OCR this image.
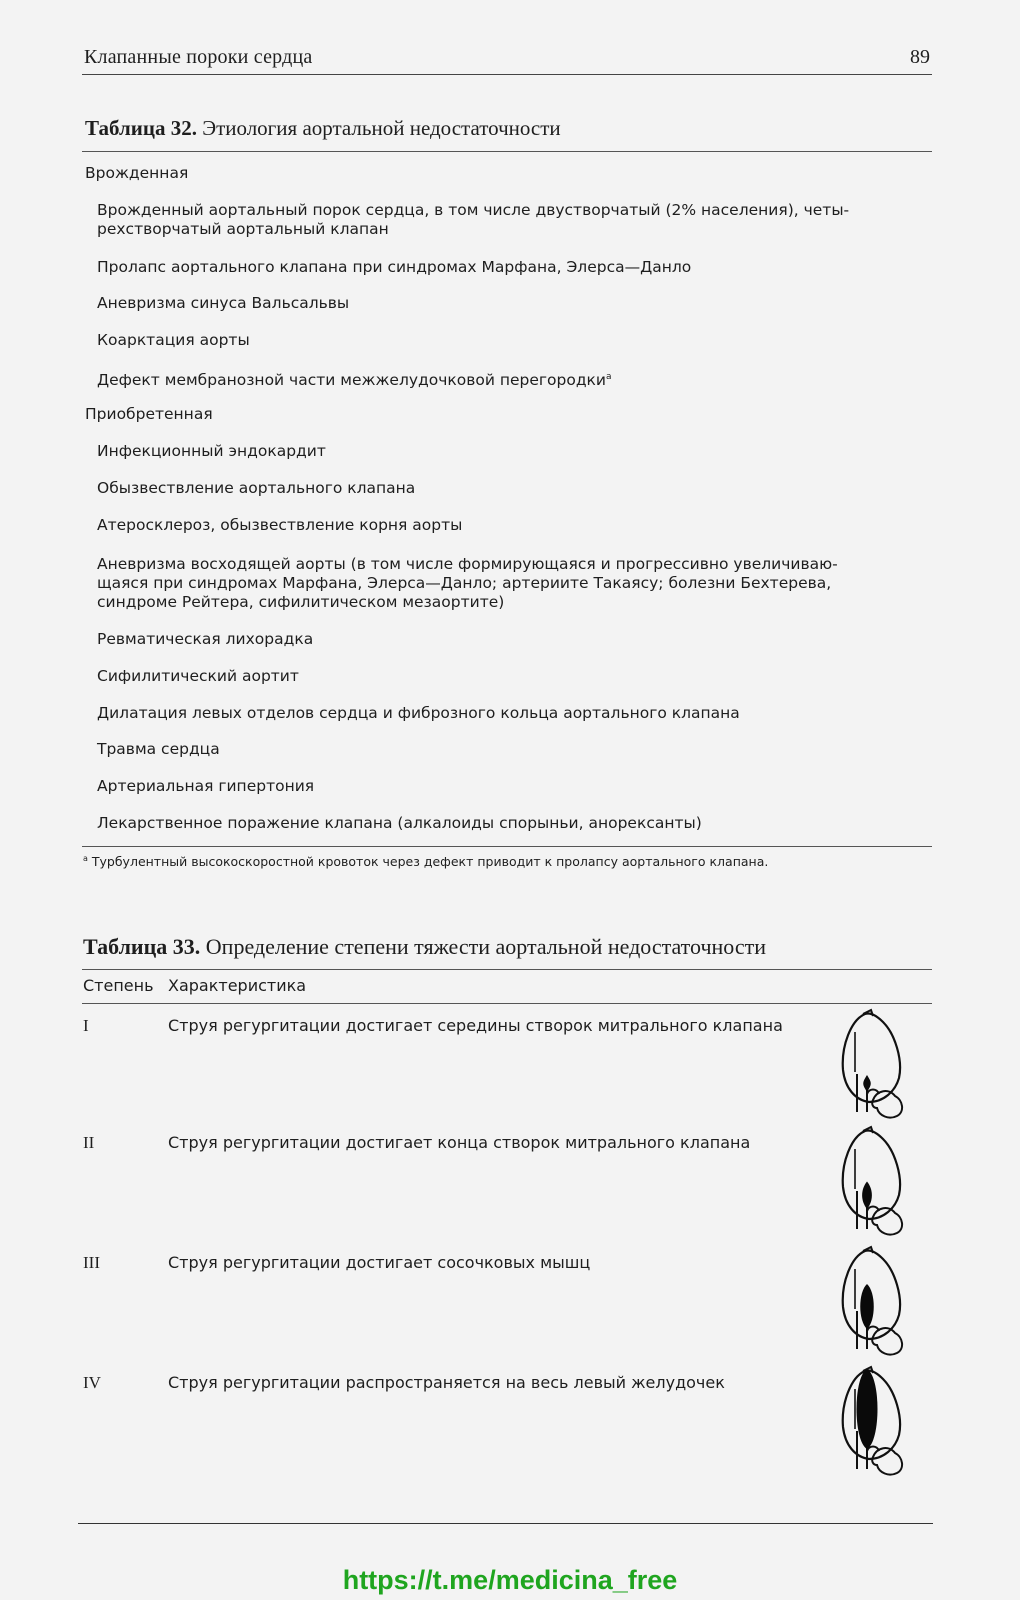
Клапанные пороки сердца	89
Таблица 32. Этиология аортальной недостаточности
Врожденная
Врожденный аортальный порок сердца, в том числе двустворчатый (2% населения), четы-
рехстворчатый аортальный клапан
Пролапс аортального клапана при синдромах Марфана, Элерса—Данло
Аневризма синуса Вальсальвы
Коарктация аорты
Дефект мембранозной части межжелудочковой перегородки$^а$
Приобретенная
Инфекционный эндокардит
Обызвествление аортального клапана
Атеросклероз, обызвествление корня аорты
Аневризма восходящей аорты (в том числе формирующаяся и прогрессивно увеличиваю-
щаяся при синдромах Марфана, Элерса—Данло; артериите Такаясу; болезни Бехтерева,
синдроме Рейтера, сифилитическом мезаортите)
Ревматическая лихорадка
Сифилитический аортит
Дилатация левых отделов сердца и фиброзного кольца аортального клапана
Травма сердца
Артериальная гипертония
Лекарственное поражение клапана (алкалоиды спорыньи, анорексанты)
$^а$ Турбулентный высокоскоростной кровоток через дефект приводит к пролапсу аортального клапана.
Таблица 33. Определение степени тяжести аортальной недостаточности
Степень Характеристика
I	Струя регургитации достигает середины створок митрального клапана
II	Струя регургитации достигает конца створок митрального клапана
III	Струя регургитации достигает сосочковых мышц
IV	Струя регургитации распространяется на весь левый желудочек
https://t.me/medicina_free
